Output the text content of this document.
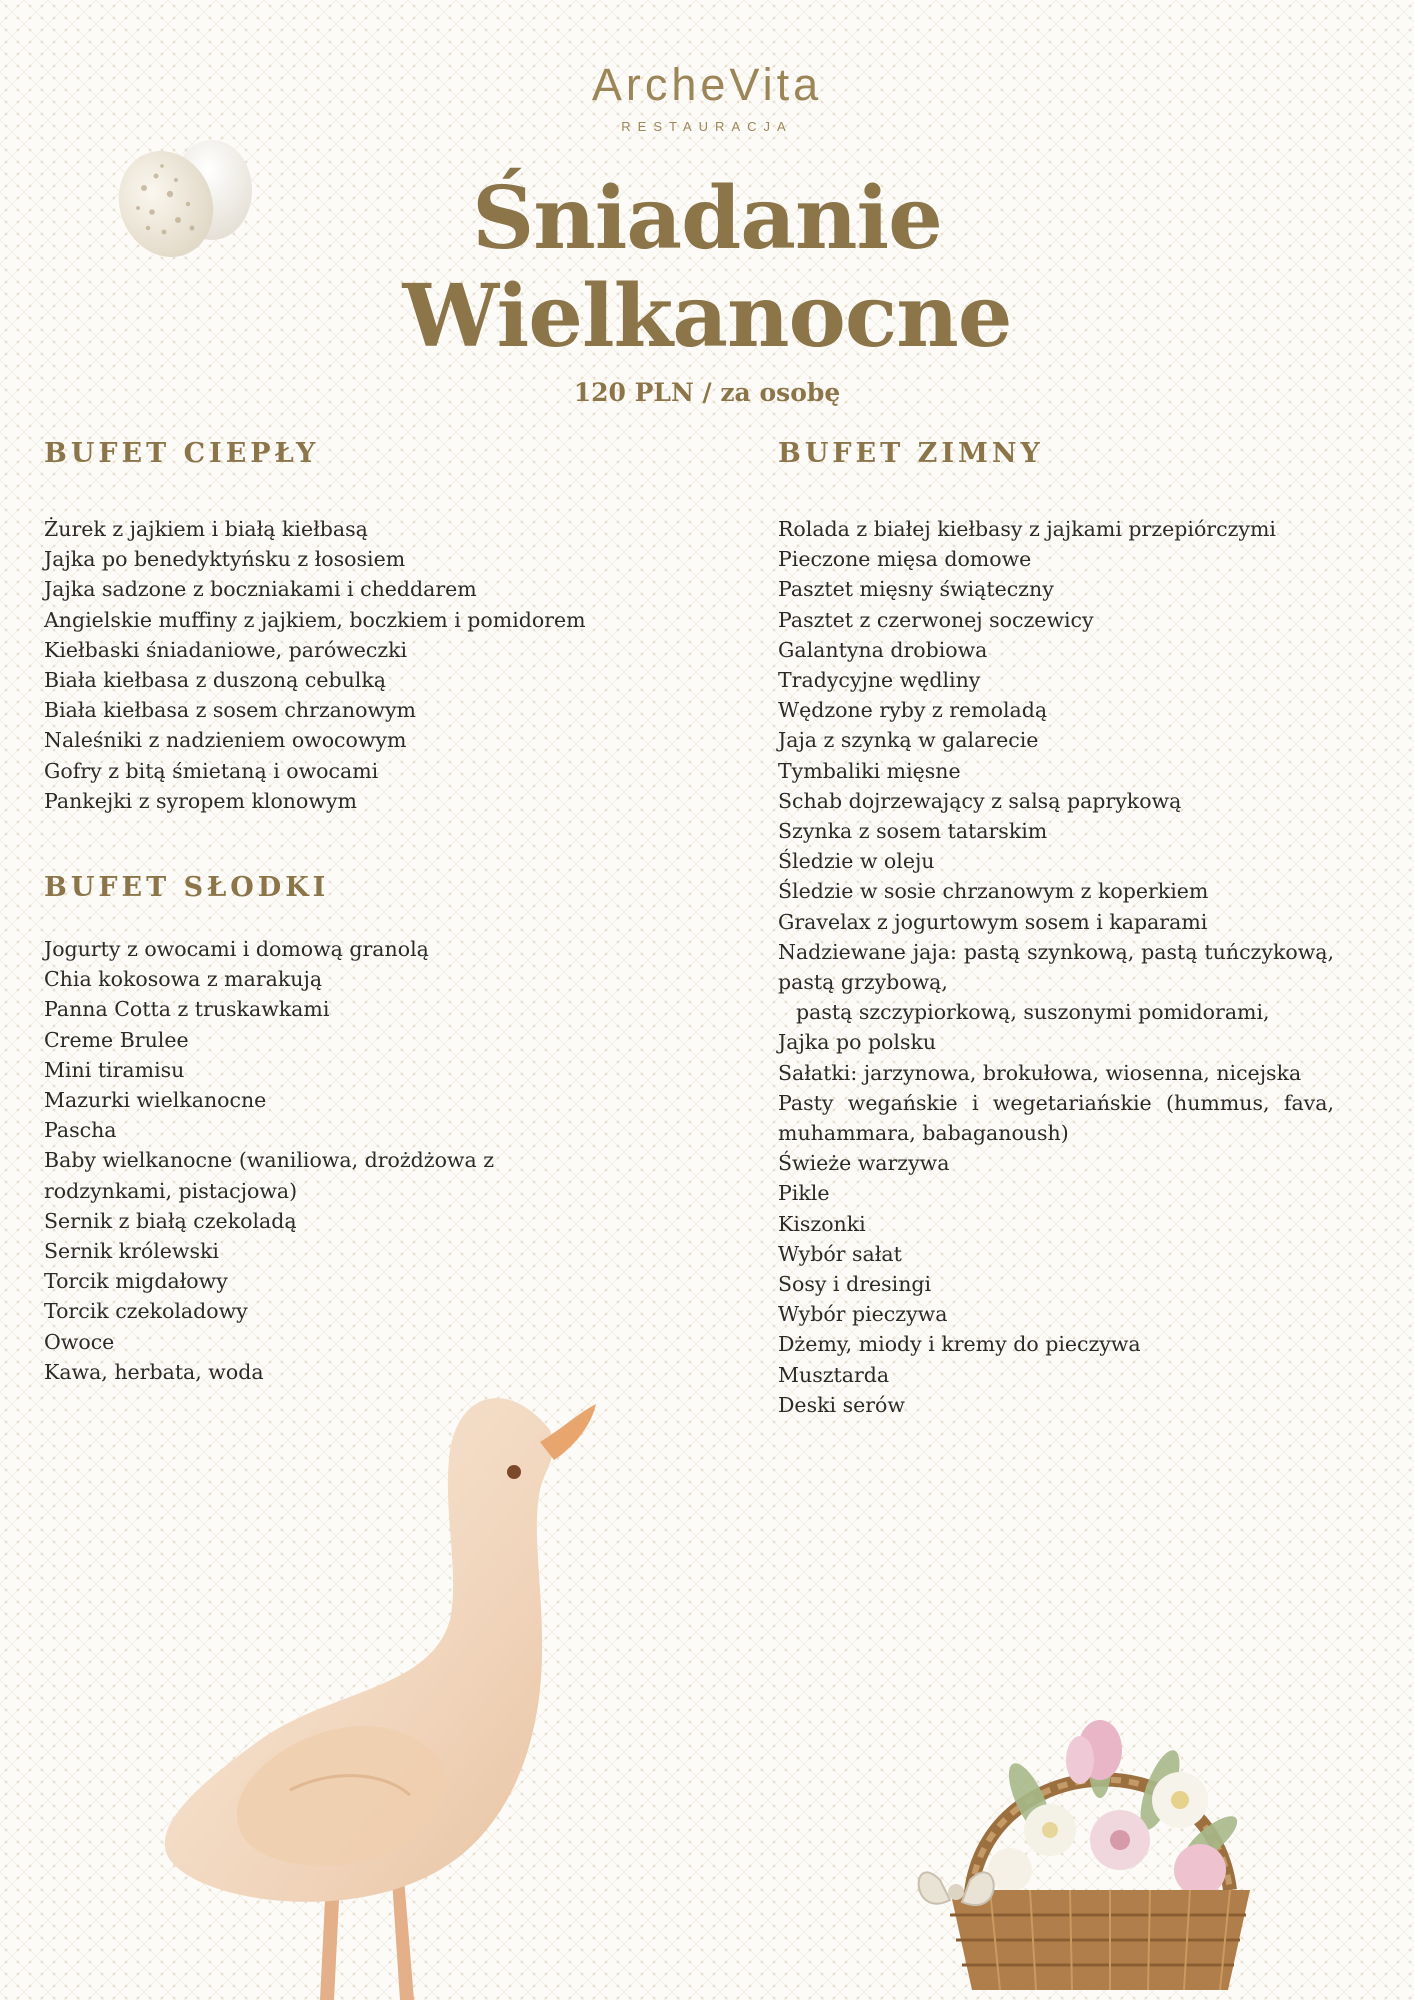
ArcheVita
RESTAURACJA
Śniadanie
Wielkanocne
120 PLN / za osobę
BUFET CIEPŁY
Żurek z jajkiem i białą kiełbasą
Jajka po benedyktyńsku z łososiem
Jajka sadzone z boczniakami i cheddarem
Angielskie muffiny z jajkiem, boczkiem i pomidorem
Kiełbaski śniadaniowe, paróweczki
Biała kiełbasa z duszoną cebulką
Biała kiełbasa z sosem chrzanowym
Naleśniki z nadzieniem owocowym
Gofry z bitą śmietaną i owocami
Pankejki z syropem klonowym
BUFET SŁODKI
Jogurty z owocami i domową granolą
Chia kokosowa z marakują
Panna Cotta z truskawkami
Creme Brulee
Mini tiramisu
Mazurki wielkanocne
Pascha
Baby wielkanocne (waniliowa, drożdżowa z rodzynkami, pistacjowa)
Sernik z białą czekoladą
Sernik królewski
Torcik migdałowy
Torcik czekoladowy
Owoce
Kawa, herbata, woda
BUFET ZIMNY
Rolada z białej kiełbasy z jajkami przepiórczymi
Pieczone mięsa domowe
Pasztet mięsny świąteczny
Pasztet z czerwonej soczewicy
Galantyna drobiowa
Tradycyjne wędliny
Wędzone ryby z remoladą
Jaja z szynką w galarecie
Tymbaliki mięsne
Schab dojrzewający z salsą paprykową
Szynka z sosem tatarskim
Śledzie w oleju
Śledzie w sosie chrzanowym z koperkiem
Gravelax z jogurtowym sosem i kaparami
Nadziewane jaja: pastą szynkową, pastą tuńczykową, pastą grzybową,
pastą szczypiorkową, suszonymi pomidorami,
Jajka po polsku
Sałatki: jarzynowa, brokułowa, wiosenna, nicejska
Pasty wegańskie i wegetariańskie (hummus, fava, muhammara, babaganoush)
Świeże warzywa
Pikle
Kiszonki
Wybór sałat
Sosy i dresingi
Wybór pieczywa
Dżemy, miody i kremy do pieczywa
Musztarda
Deski serów
